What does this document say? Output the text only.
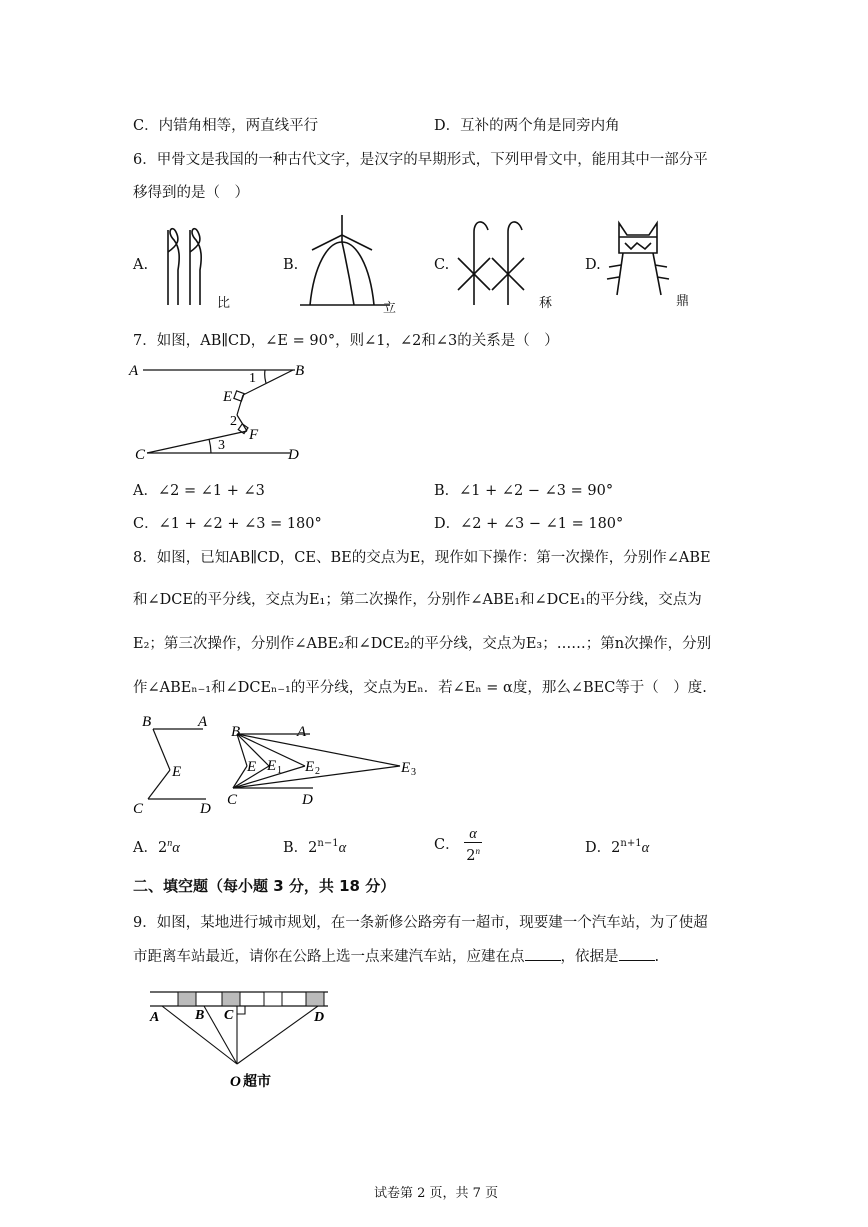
C．内错角相等，两直线平行	D．互补的两个角是同旁内角
6．甲骨文是我国的一种古代文字，是汉字的早期形式，下列甲骨文中，能用其中一部分平
移得到的是（　）
A.
比
B.
立
C.
秝
D.
鼎
7．如图，AB∥CD，∠E = 90°，则∠1，∠2和∠3的关系是（　）
A	B
E
F
C	D
1
2
3
A．∠2 = ∠1 + ∠3	B．∠1 + ∠2 − ∠3 = 90°
C．∠1 + ∠2 + ∠3 = 180°	D．∠2 + ∠3 − ∠1 = 180°
8．如图，已知AB∥CD，CE、BE的交点为E，现作如下操作：第一次操作，分别作∠ABE
和∠DCE的平分线，交点为E₁；第二次操作，分别作∠ABE₁和∠DCE₁的平分线，交点为
E₂；第三次操作，分别作∠ABE₂和∠DCE₂的平分线，交点为E₃；……；第n次操作，分别
作∠ABEₙ₋₁和∠DCEₙ₋₁的平分线，交点为Eₙ．若∠Eₙ = α度，那么∠BEC等于（　）度.
B	A
E
C	D
B	A
E E 1 E 2	E 3
C	D
A．2$^n$α	B．$2^{n-1}\alpha$	C． $\frac{\alpha}{2^n}$	D．$2^{n+1}\alpha$
二、填空题（每小题 3 分，共 18 分）
9．如图，某地进行城市规划，在一条新修公路旁有一超市，现要建一个汽车站，为了使超
市距离车站最近，请你在公路上选一点来建汽车站，应建在点 ，依据是 .
A	B C	D
O 超市
试卷第 2 页，共 7 页
